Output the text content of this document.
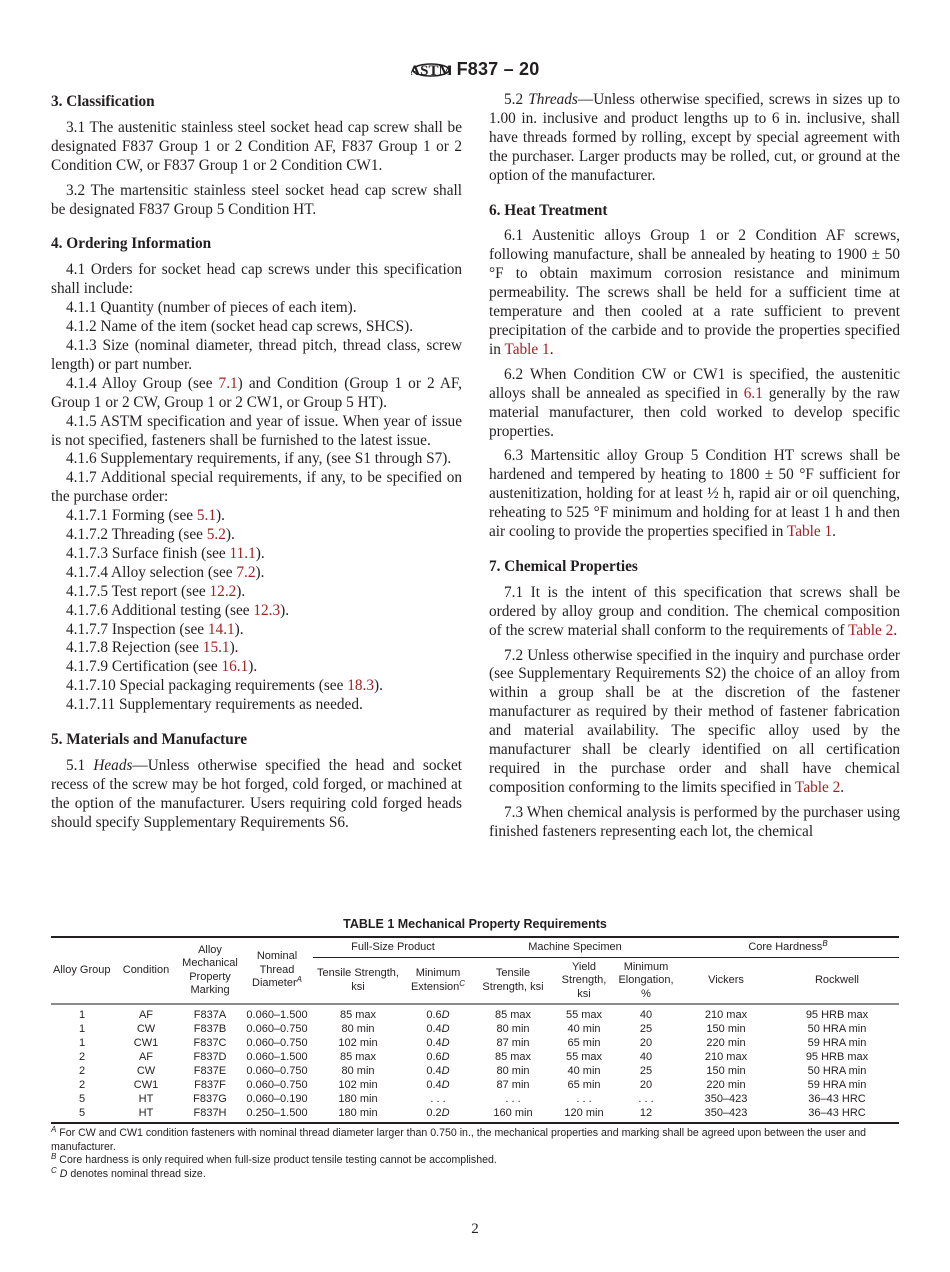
ASTM F837 – 20
3. Classification

3.1 The austenitic stainless steel socket head cap screw shall be designated F837 Group 1 or 2 Condition AF, F837 Group 1 or 2 Condition CW, or F837 Group 1 or 2 Condition CW1.

3.2 The martensitic stainless steel socket head cap screw shall be designated F837 Group 5 Condition HT.

4. Ordering Information

4.1 Orders for socket head cap screws under this specification shall include:

4.1.1 Quantity (number of pieces of each item).

4.1.2 Name of the item (socket head cap screws, SHCS).

4.1.3 Size (nominal diameter, thread pitch, thread class, screw length) or part number.

4.1.4 Alloy Group (see 7.1) and Condition (Group 1 or 2 AF, Group 1 or 2 CW, Group 1 or 2 CW1, or Group 5 HT).

4.1.5 ASTM specification and year of issue. When year of issue is not specified, fasteners shall be furnished to the latest issue.

4.1.6 Supplementary requirements, if any, (see S1 through S7).

4.1.7 Additional special requirements, if any, to be specified on the purchase order:

4.1.7.1 Forming (see 5.1).

4.1.7.2 Threading (see 5.2).

4.1.7.3 Surface finish (see 11.1).

4.1.7.4 Alloy selection (see 7.2).

4.1.7.5 Test report (see 12.2).

4.1.7.6 Additional testing (see 12.3).

4.1.7.7 Inspection (see 14.1).

4.1.7.8 Rejection (see 15.1).

4.1.7.9 Certification (see 16.1).

4.1.7.10 Special packaging requirements (see 18.3).

4.1.7.11 Supplementary requirements as needed.

5. Materials and Manufacture

5.1 Heads—Unless otherwise specified the head and socket recess of the screw may be hot forged, cold forged, or machined at the option of the manufacturer. Users requiring cold forged heads should specify Supplementary Requirements S6.

5.2 Threads—Unless otherwise specified, screws in sizes up to 1.00 in. inclusive and product lengths up to 6 in. inclusive, shall have threads formed by rolling, except by special agreement with the purchaser. Larger products may be rolled, cut, or ground at the option of the manufacturer.

6. Heat Treatment

6.1 Austenitic alloys Group 1 or 2 Condition AF screws, following manufacture, shall be annealed by heating to 1900 ± 50 °F to obtain maximum corrosion resistance and minimum permeability. The screws shall be held for a sufficient time at temperature and then cooled at a rate sufficient to prevent precipitation of the carbide and to provide the properties specified in Table 1.

6.2 When Condition CW or CW1 is specified, the austenitic alloys shall be annealed as specified in 6.1 generally by the raw material manufacturer, then cold worked to develop specific properties.

6.3 Martensitic alloy Group 5 Condition HT screws shall be hardened and tempered by heating to 1800 ± 50 °F sufficient for austenitization, holding for at least ½ h, rapid air or oil quenching, reheating to 525 °F minimum and holding for at least 1 h and then air cooling to provide the properties specified in Table 1.

7. Chemical Properties

7.1 It is the intent of this specification that screws shall be ordered by alloy group and condition. The chemical composition of the screw material shall conform to the requirements of Table 2.

7.2 Unless otherwise specified in the inquiry and purchase order (see Supplementary Requirements S2) the choice of an alloy from within a group shall be at the discretion of the fastener manufacturer as required by their method of fastener fabrication and material availability. The specific alloy used by the manufacturer shall be clearly identified on all certification required in the purchase order and shall have chemical composition conforming to the limits specified in Table 2.

7.3 When chemical analysis is performed by the purchaser using finished fasteners representing each lot, the chemical

TABLE 1 Mechanical Property Requirements
Alloy Group	Condition	Alloy Mechanical Property Marking	Nominal Thread Diameter$^A$	Full-Size Product		Machine Specimen			Core Hardness$^B$
				Tensile Strength, ksi	Minimum Extension$^C$	Tensile Strength, ksi	Yield Strength, ksi	Minimum Elongation, %	Vickers	Rockwell
1	AF	F837A	0.060–1.500	85 max	0.6D	85 max	55 max	40	210 max	95 HRB max
1	CW	F837B	0.060–0.750	80 min	0.4D	80 min	40 min	25	150 min	50 HRA min
1	CW1	F837C	0.060–0.750	102 min	0.4D	87 min	65 min	20	220 min	59 HRA min
2	AF	F837D	0.060–1.500	85 max	0.6D	85 max	55 max	40	210 max	95 HRB max
2	CW	F837E	0.060–0.750	80 min	0.4D	80 min	40 min	25	150 min	50 HRA min
2	CW1	F837F	0.060–0.750	102 min	0.4D	87 min	65 min	20	220 min	59 HRA min
5	HT	F837G	0.060–0.190	180 min	. . .	. . .	. . .	. . .	350–423	36–43 HRC
5	HT	F837H	0.250–1.500	180 min	0.2D	160 min	120 min	12	350–423	36–43 HRC
$^A$ For CW and CW1 condition fasteners with nominal thread diameter larger than 0.750 in., the mechanical properties and marking shall be agreed upon between the user and manufacturer.
$^B$ Core hardness is only required when full-size product tensile testing cannot be accomplished.
$^C$ D denotes nominal thread size.
2
